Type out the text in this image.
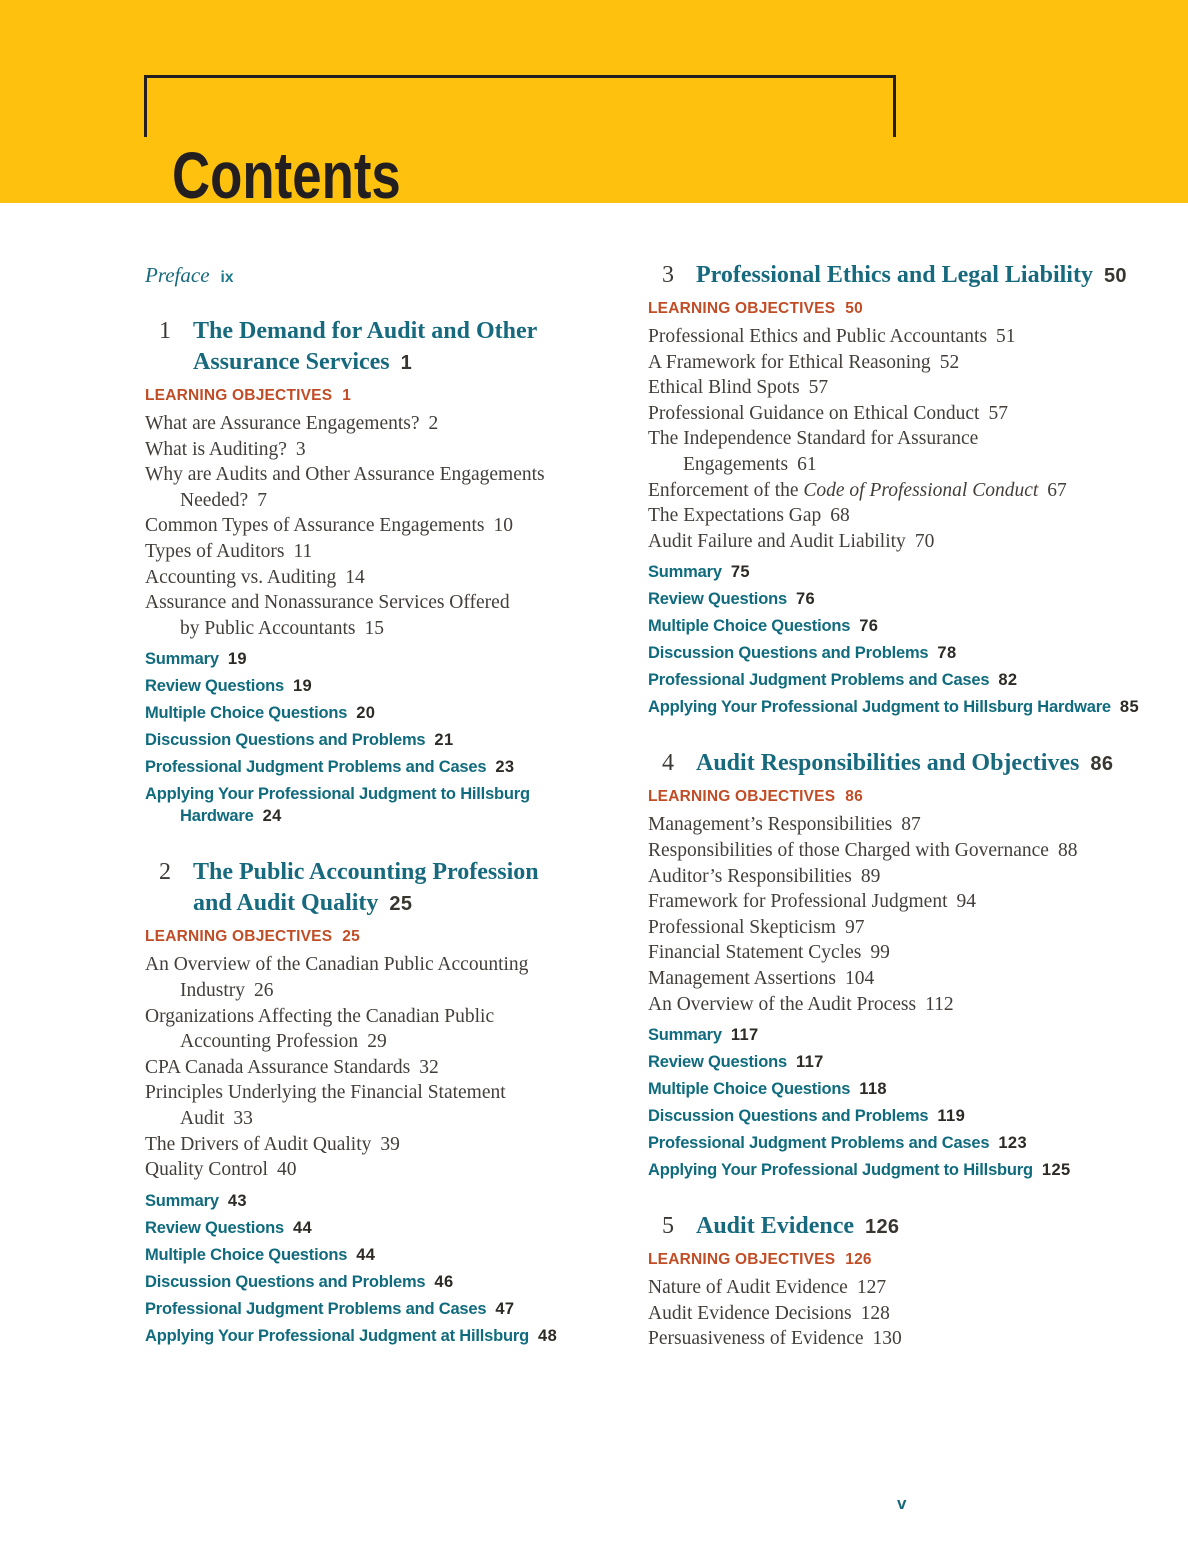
Contents
Preface ix
1 The Demand for Audit and Other
Assurance Services 1
LEARNING OBJECTIVES 1
What are Assurance Engagements? 2
What is Auditing? 3
Why are Audits and Other Assurance Engagements
Needed? 7
Common Types of Assurance Engagements 10
Types of Auditors 11
Accounting vs. Auditing 14
Assurance and Nonassurance Services Offered
by Public Accountants 15
Summary 19
Review Questions 19
Multiple Choice Questions 20
Discussion Questions and Problems 21
Professional Judgment Problems and Cases 23
Applying Your Professional Judgment to Hillsburg
Hardware 24
2 The Public Accounting Profession
and Audit Quality 25
LEARNING OBJECTIVES 25
An Overview of the Canadian Public Accounting
Industry 26
Organizations Affecting the Canadian Public
Accounting Profession 29
CPA Canada Assurance Standards 32
Principles Underlying the Financial Statement
Audit 33
The Drivers of Audit Quality 39
Quality Control 40
Summary 43
Review Questions 44
Multiple Choice Questions 44
Discussion Questions and Problems 46
Professional Judgment Problems and Cases 47
Applying Your Professional Judgment at Hillsburg 48
3 Professional Ethics and Legal Liability 50
LEARNING OBJECTIVES 50
Professional Ethics and Public Accountants 51
A Framework for Ethical Reasoning 52
Ethical Blind Spots 57
Professional Guidance on Ethical Conduct 57
The Independence Standard for Assurance
Engagements 61
Enforcement of the Code of Professional Conduct 67
The Expectations Gap 68
Audit Failure and Audit Liability 70
Summary 75
Review Questions 76
Multiple Choice Questions 76
Discussion Questions and Problems 78
Professional Judgment Problems and Cases 82
Applying Your Professional Judgment to Hillsburg Hardware 85
4 Audit Responsibilities and Objectives 86
LEARNING OBJECTIVES 86
Management’s Responsibilities 87
Responsibilities of those Charged with Governance 88
Auditor’s Responsibilities 89
Framework for Professional Judgment 94
Professional Skepticism 97
Financial Statement Cycles 99
Management Assertions 104
An Overview of the Audit Process 112
Summary 117
Review Questions 117
Multiple Choice Questions 118
Discussion Questions and Problems 119
Professional Judgment Problems and Cases 123
Applying Your Professional Judgment to Hillsburg 125
5 Audit Evidence 126
LEARNING OBJECTIVES 126
Nature of Audit Evidence 127
Audit Evidence Decisions 128
Persuasiveness of Evidence 130
v
